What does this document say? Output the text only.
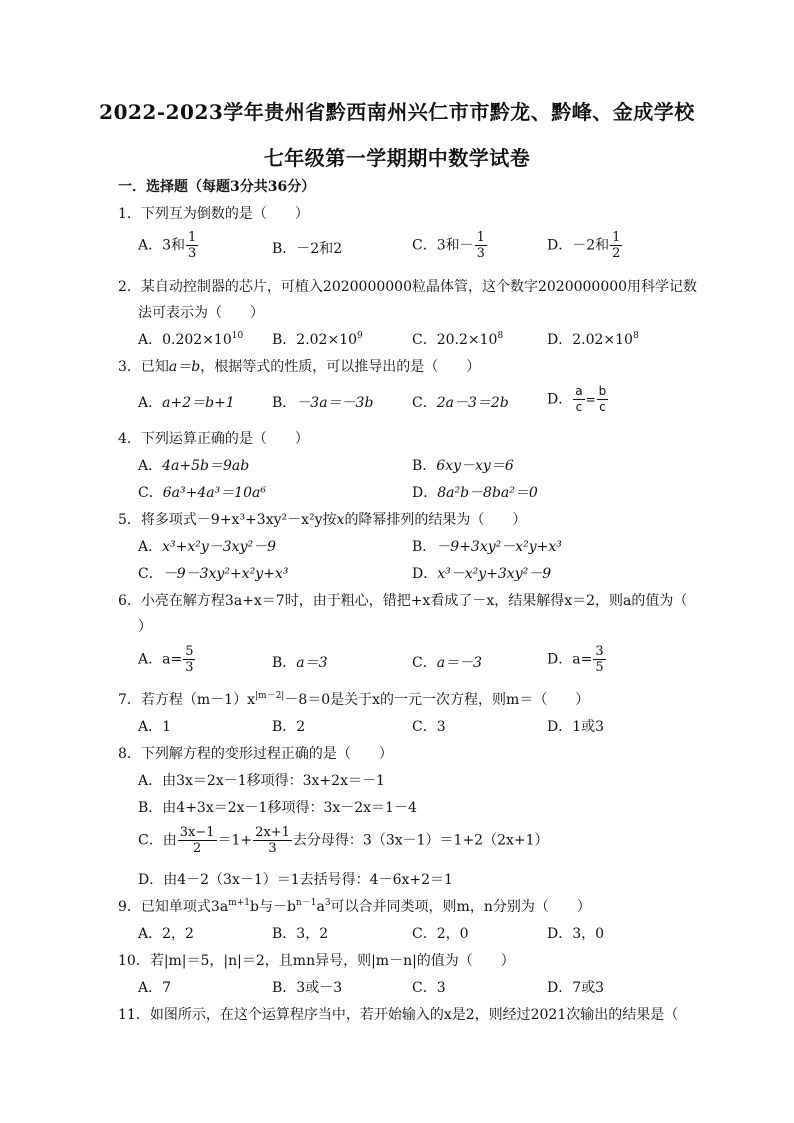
2022-2023学年贵州省黔西南州兴仁市市黔龙、黔峰、金成学校
七年级第一学期期中数学试卷
一．选择题（每题3分共36分）
1．下列互为倒数的是（　　）
A．3和 $\frac{1}{3}$	B．－2和2	C．3和－ $\frac{1}{3}$	D．－2和 $\frac{1}{2}$
2．某自动控制器的芯片，可植入2020000000粒晶体管，这个数字2020000000用科学记数
法可表示为（　　）
A．$0.202\times 10^{10}$ B．$2.02\times 10^9$	C．$20.2\times 10^8$	D．$2.02\times 10^8$
3．已知a＝b，根据等式的性质，可以推导出的是（　　）
A．a+2＝b+1	B．－3a＝－3b	C．2a－3＝2b	D． $\frac{a}{c} = \frac{b}{c}$
4．下列运算正确的是（　　）
A．4a+5b＝9ab	B．6xy－xy＝6
C．6a³+4a³＝10a⁶	D．8a²b－8ba²＝0
5．将多项式－9+x³+3xy²－x²y按x的降幂排列的结果为（　　）
A．x³+x²y－3xy²－9	B．－9+3xy²－x²y+x³
C．－9－3xy²+x²y+x³	D．x³－x²y+3xy²－9
6．小亮在解方程3a+x＝7时，由于粗心，错把+x看成了－x，结果解得x＝2，则a的值为（
）
A．$a= \frac{5}{3}$	B．a＝3	C．a＝－3	D．$a= \frac{3}{5}$
7．若方程$(m-1)x^{|m-2|}-8=0$是关于x的一元一次方程，则m＝（　　）
A．1	B．2	C．3	D．1或3
8．下列解方程的变形过程正确的是（　　）
A．由3x＝2x－1移项得：3x+2x＝－1
B．由4+3x＝2x－1移项得：3x－2x＝1－4
C．由 $\frac{3x-1}{2} =1+ \frac{2x+1}{3}$ 去分母得：3（3x－1）＝1+2（2x+1）
D．由4－2（3x－1）＝1去括号得：4－6x+2＝1
9．已知单项式$3a^{m+1}b$与$-b^{n-1}a^3$可以合并同类项，则m，n分别为（　　）
A．2，2	B．3，2	C．2，0	D．3，0
10．若|m|＝5，|n|＝2，且mn异号，则|m－n|的值为（　　）
A．7	B．3或－3	C．3	D．7或3
11．如图所示，在这个运算程序当中，若开始输入的x是2，则经过2021次输出的结果是（
